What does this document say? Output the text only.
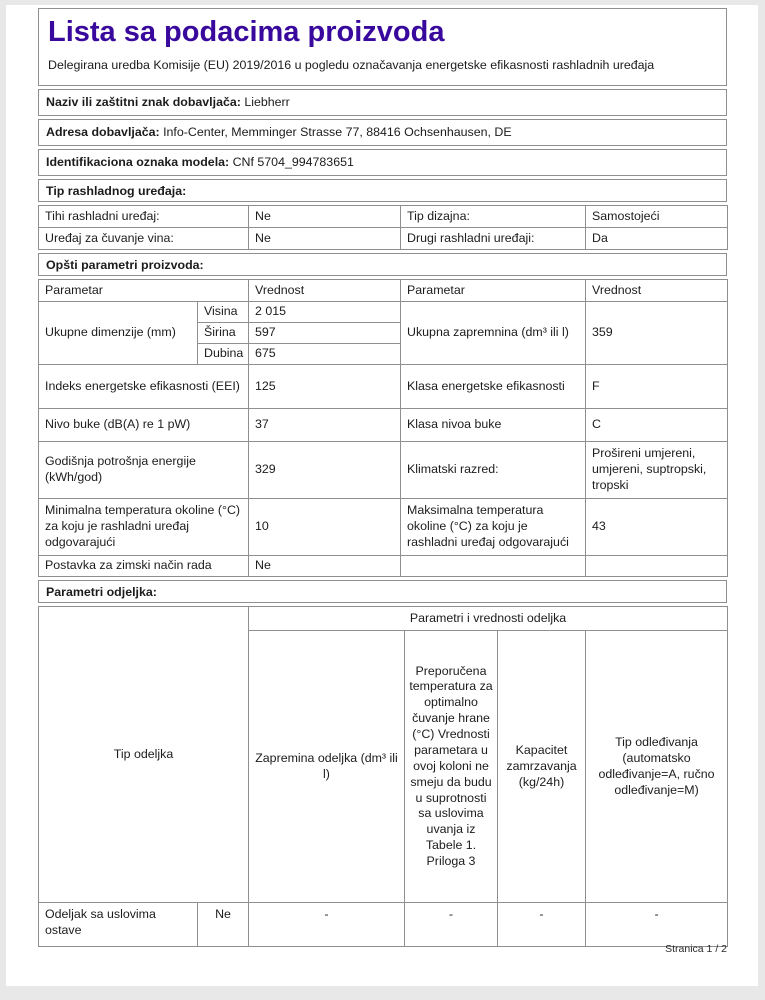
Lista sa podacima proizvoda
Delegirana uredba Komisije (EU) 2019/2016 u pogledu označavanja energetske efikasnosti rashladnih uređaja
Naziv ili zaštitni znak dobavljača: Liebherr
Adresa dobavljača: Info-Center, Memminger Strasse 77, 88416 Ochsenhausen, DE
Identifikaciona oznaka modela: CNf 5704_994783651
Tip rashladnog uređaja:
Tihi rashladni uređaj:	Ne	Tip dizajna:	Samostojeći
Uređaj za čuvanje vina:	Ne	Drugi rashladni uređaji:	Da
Opšti parametri proizvoda:
Parametar		Vrednost	Parametar	Vrednost
Ukupne dimenzije (mm)	Visina	2 015	Ukupna zapremnina (dm³ ili l)	359
	Širina	597		
	Dubina	675		
Indeks energetske efikasnosti (EEI)		125	Klasa energetske efikasnosti	F
Nivo buke (dB(A) re 1 pW)		37	Klasa nivoa buke	C
Godišnja potrošnja energije (kWh/god)		329	Klimatski razred:	Prošireni umjereni, umjereni, suptropski, tropski
Minimalna temperatura okoline (°C) za koju je rashladni uređaj odgovarajući		10	Maksimalna temperatura okoline (°C) za koju je rashladni uređaj odgovarajući	43
Postavka za zimski način rada		Ne		
Parametri odjeljka:
Tip odeljka		Parametri i vrednosti odeljka			
		Zapremina odeljka (dm³ ili l)	Preporučena temperatura za optimalno čuvanje hrane (°C) Vrednosti parametara u ovoj koloni ne smeju da budu u suprotnosti sa uslovima uvanja iz Tabele 1. Priloga 3	Kapacitet zamrzavanja (kg/24h)	Tip odleđivanja (automatsko odleđivanje=A, ručno odleđivanje=M)
Odeljak sa uslovima ostave	Ne	-	-	-	-
Stranica 1 / 2
